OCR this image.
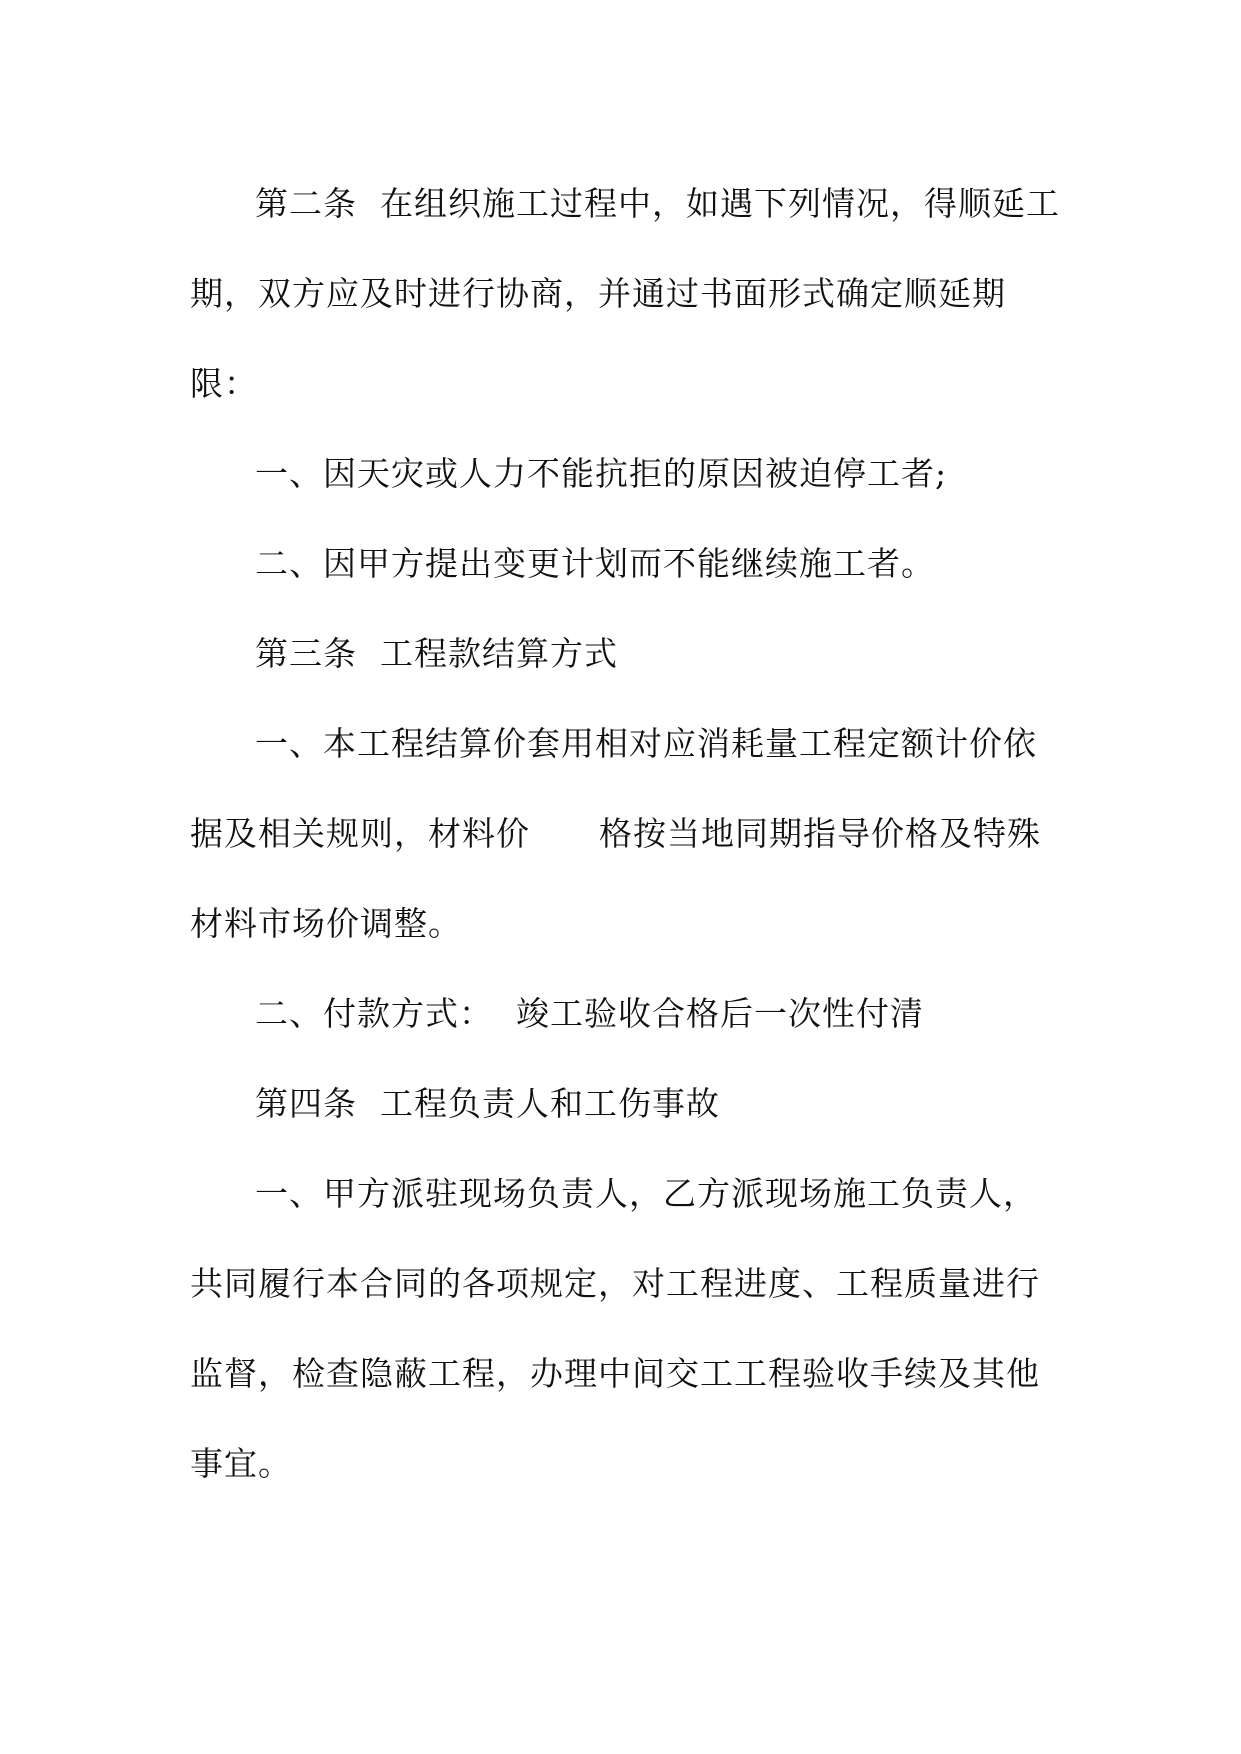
第二条  在组织施工过程中，如遇下列情况，得顺延工
期，双方应及时进行协商，并通过书面形式确定顺延期
限：
一、因天灾或人力不能抗拒的原因被迫停工者;
二、因甲方提出变更计划而不能继续施工者。
第三条  工程款结算方式
一、本工程结算价套用相对应消耗量工程定额计价依
据及相关规则，材料价      格按当地同期指导价格及特殊
材料市场价调整。
二、付款方式：  竣工验收合格后一次性付清
第四条  工程负责人和工伤事故
一、甲方派驻现场负责人，乙方派现场施工负责人，
共同履行本合同的各项规定，对工程进度、工程质量进行
监督，检查隐蔽工程，办理中间交工工程验收手续及其他
事宜。
